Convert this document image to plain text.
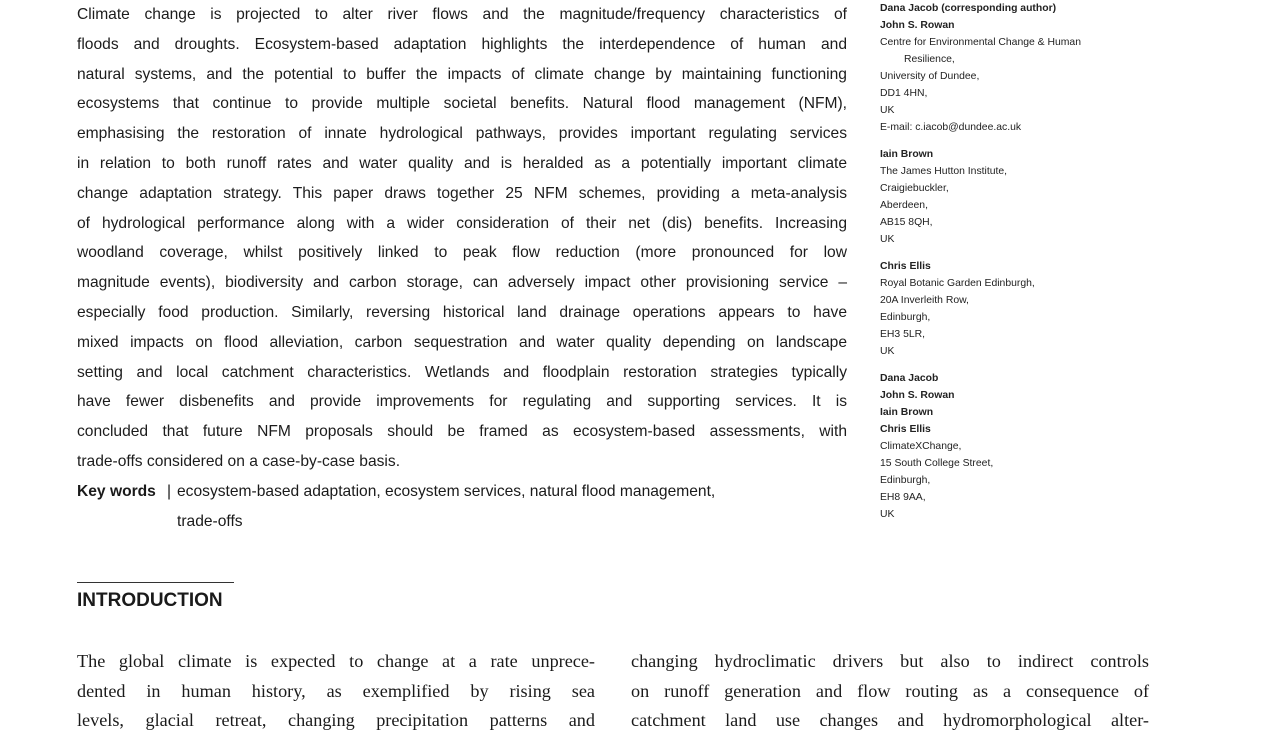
Climate change is projected to alter river flows and the magnitude/frequency characteristics of
floods and droughts. Ecosystem-based adaptation highlights the interdependence of human and
natural systems, and the potential to buffer the impacts of climate change by maintaining functioning
ecosystems that continue to provide multiple societal benefits. Natural flood management (NFM),
emphasising the restoration of innate hydrological pathways, provides important regulating services
in relation to both runoff rates and water quality and is heralded as a potentially important climate
change adaptation strategy. This paper draws together 25 NFM schemes, providing a meta-analysis
of hydrological performance along with a wider consideration of their net (dis) benefits. Increasing
woodland coverage, whilst positively linked to peak flow reduction (more pronounced for low
magnitude events), biodiversity and carbon storage, can adversely impact other provisioning service –
especially food production. Similarly, reversing historical land drainage operations appears to have
mixed impacts on flood alleviation, carbon sequestration and water quality depending on landscape
setting and local catchment characteristics. Wetlands and floodplain restoration strategies typically
have fewer disbenefits and provide improvements for regulating and supporting services. It is
concluded that future NFM proposals should be framed as ecosystem-based assessments, with
trade-offs considered on a case-by-case basis.

Key words | ecosystem-based adaptation, ecosystem services, natural flood management,
trade-offs
Dana Jacob (corresponding author)
John S. Rowan
Centre for Environmental Change & Human
Resilience,
University of Dundee,
DD1 4HN,
UK
E-mail: c.iacob@dundee.ac.uk
Iain Brown
The James Hutton Institute,
Craigiebuckler,
Aberdeen,
AB15 8QH,
UK
Chris Ellis
Royal Botanic Garden Edinburgh,
20A Inverleith Row,
Edinburgh,
EH3 5LR,
UK
Dana Jacob
John S. Rowan
Iain Brown
Chris Ellis
ClimateXChange,
15 South College Street,
Edinburgh,
EH8 9AA,
UK
INTRODUCTION
The global climate is expected to change at a rate unprece-
dented in human history, as exemplified by rising sea
levels, glacial retreat, changing precipitation patterns and
changing hydroclimatic drivers but also to indirect controls
on runoff generation and flow routing as a consequence of
catchment land use changes and hydromorphological alter-
